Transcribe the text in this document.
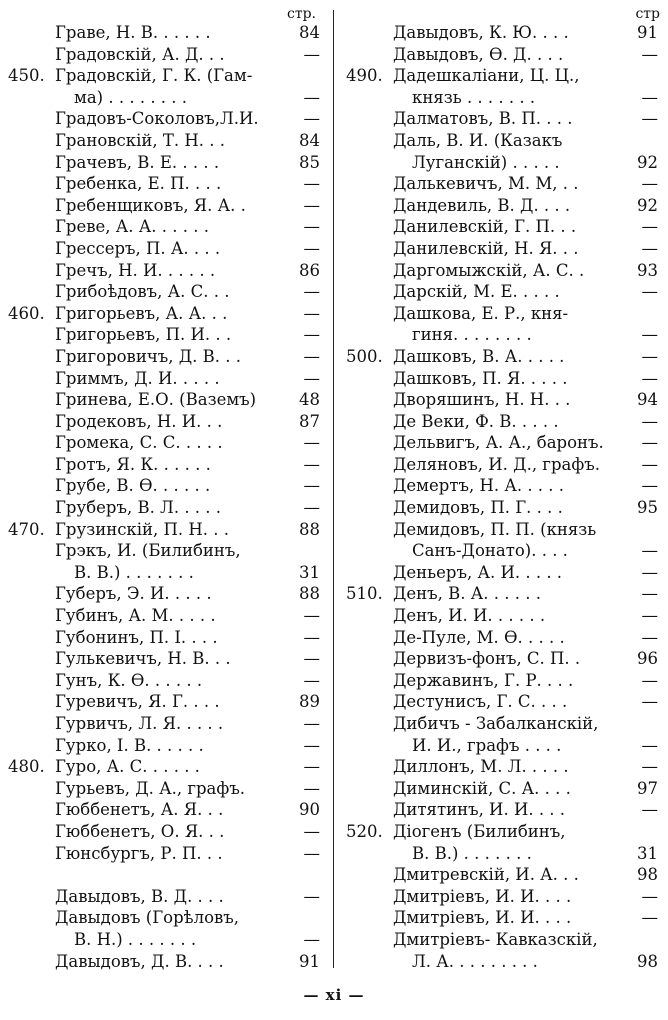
стр.
Граве, Н. В. . . . . .	84
Градовскій, А. Д. . .	—
450. Градовскій, Г. К. (Гам-
ма) . . . . . . . .	—
Градовъ-Соколовъ,Л.И.	—
Грановскій, Т. Н. . .	84
Грачевъ, В. Е. . . . .	85
Гребенка, Е. П. . . .	—
Гребенщиковъ, Я. А. .	—
Греве, А. А. . . . . .	—
Грессеръ, П. А. . . .	—
Гречъ, Н. И. . . . . .	86
Грибоѣдовъ, А. С. . .	—
460. Григорьевъ, А. А. . .	—
Григорьевъ, П. И. . .	—
Григоровичъ, Д. В. . .	—
Гриммъ, Д. И. . . . .	—
Гринева, Е.О. (Ваземъ)	48
Гродековъ, Н. И. . .	87
Громека, С. С. . . . .	—
Гротъ, Я. К. . . . . .	—
Грубе, В. Ѳ. . . . . .	—
Груберъ, В. Л. . . . .	—
470. Грузинскій, П. Н. . .	88
Грэкъ, И. (Билибинъ,
В. В.) . . . . . . .	31
Губеръ, Э. И. . . . .	88
Губинъ, А. М. . . . .	—
Губонинъ, П. І. . . .	—
Гулькевичъ, Н. В. . .	—
Гунъ, К. Ѳ. . . . . .	—
Гуревичъ, Я. Г. . . .	89
Гурвичъ, Л. Я. . . . .	—
Гурко, І. В. . . . . .	—
480. Гуро, А. С. . . . . .	—
Гурьевъ, Д. А., графъ.	—
Гюббенетъ, А. Я. . .	90
Гюббенетъ, О. Я. . .	—
Гюнсбургъ, Р. П. . .	—
Давыдовъ, В. Д. . . .	—
Давыдовъ (Горѣловъ,
В. Н.) . . . . . . .	—
Давыдовъ, Д. В. . . .	91
стр
Давыдовъ, К. Ю. . . .	91
Давыдовъ, Ѳ. Д. . . .	—
490. Дадешкаліани, Ц. Ц.,
князь . . . . . . .	—
Далматовъ, В. П. . . .	—
Даль, В. И. (Казакъ
Луганскій) . . . . .	92
Далькевичъ, М. М, . .	—
Дандевиль, В. Д. . . .	92
Данилевскій, Г. П. . .	—
Данилевскій, Н. Я. . .	—
Даргомыжскій, А. С. .	93
Дарскій, М. Е. . . . .	—
Дашкова, Е. Р., кня-
гиня. . . . . . . .	—
500. Дашковъ, В. А. . . . .	—
Дашковъ, П. Я. . . . .	—
Дворяшинъ, Н. Н. . .	94
Де Веки, Ф. В. . . . .	—
Дельвигъ, А. А., баронъ. —
Деляновъ, И. Д., графъ.	—
Демертъ, Н. А. . . . .	—
Демидовъ, П. Г. . . .	95
Демидовъ, П. П. (князь
Санъ-Донато). . . .	—
Деньеръ, А. И. . . . .	—
510. Денъ, В. А. . . . . .	—
Денъ, И. И. . . . . .	—
Де-Пуле, М. Ѳ. . . . .	—
Дервизъ-фонъ, С. П. .	96
Державинъ, Г. Р. . . .	—
Дестунисъ, Г. С. . . .	—
Дибичъ - Забалканскій,
И. И., графъ . . . .	—
Диллонъ, М. Л. . . . .	—
Диминскій, С. А. . . .	97
Дитятинъ, И. И. . . .	—
520. Діогенъ (Билибинъ,
В. В.) . . . . . . .	31
Дмитревскій, И. А. . .	98
Дмитріевъ, И. И. . . .	—
Дмитріевъ, И. И. . . .	—
Дмитріевъ- Кавказскій,
Л. А. . . . . . . . .	98
— xi —
